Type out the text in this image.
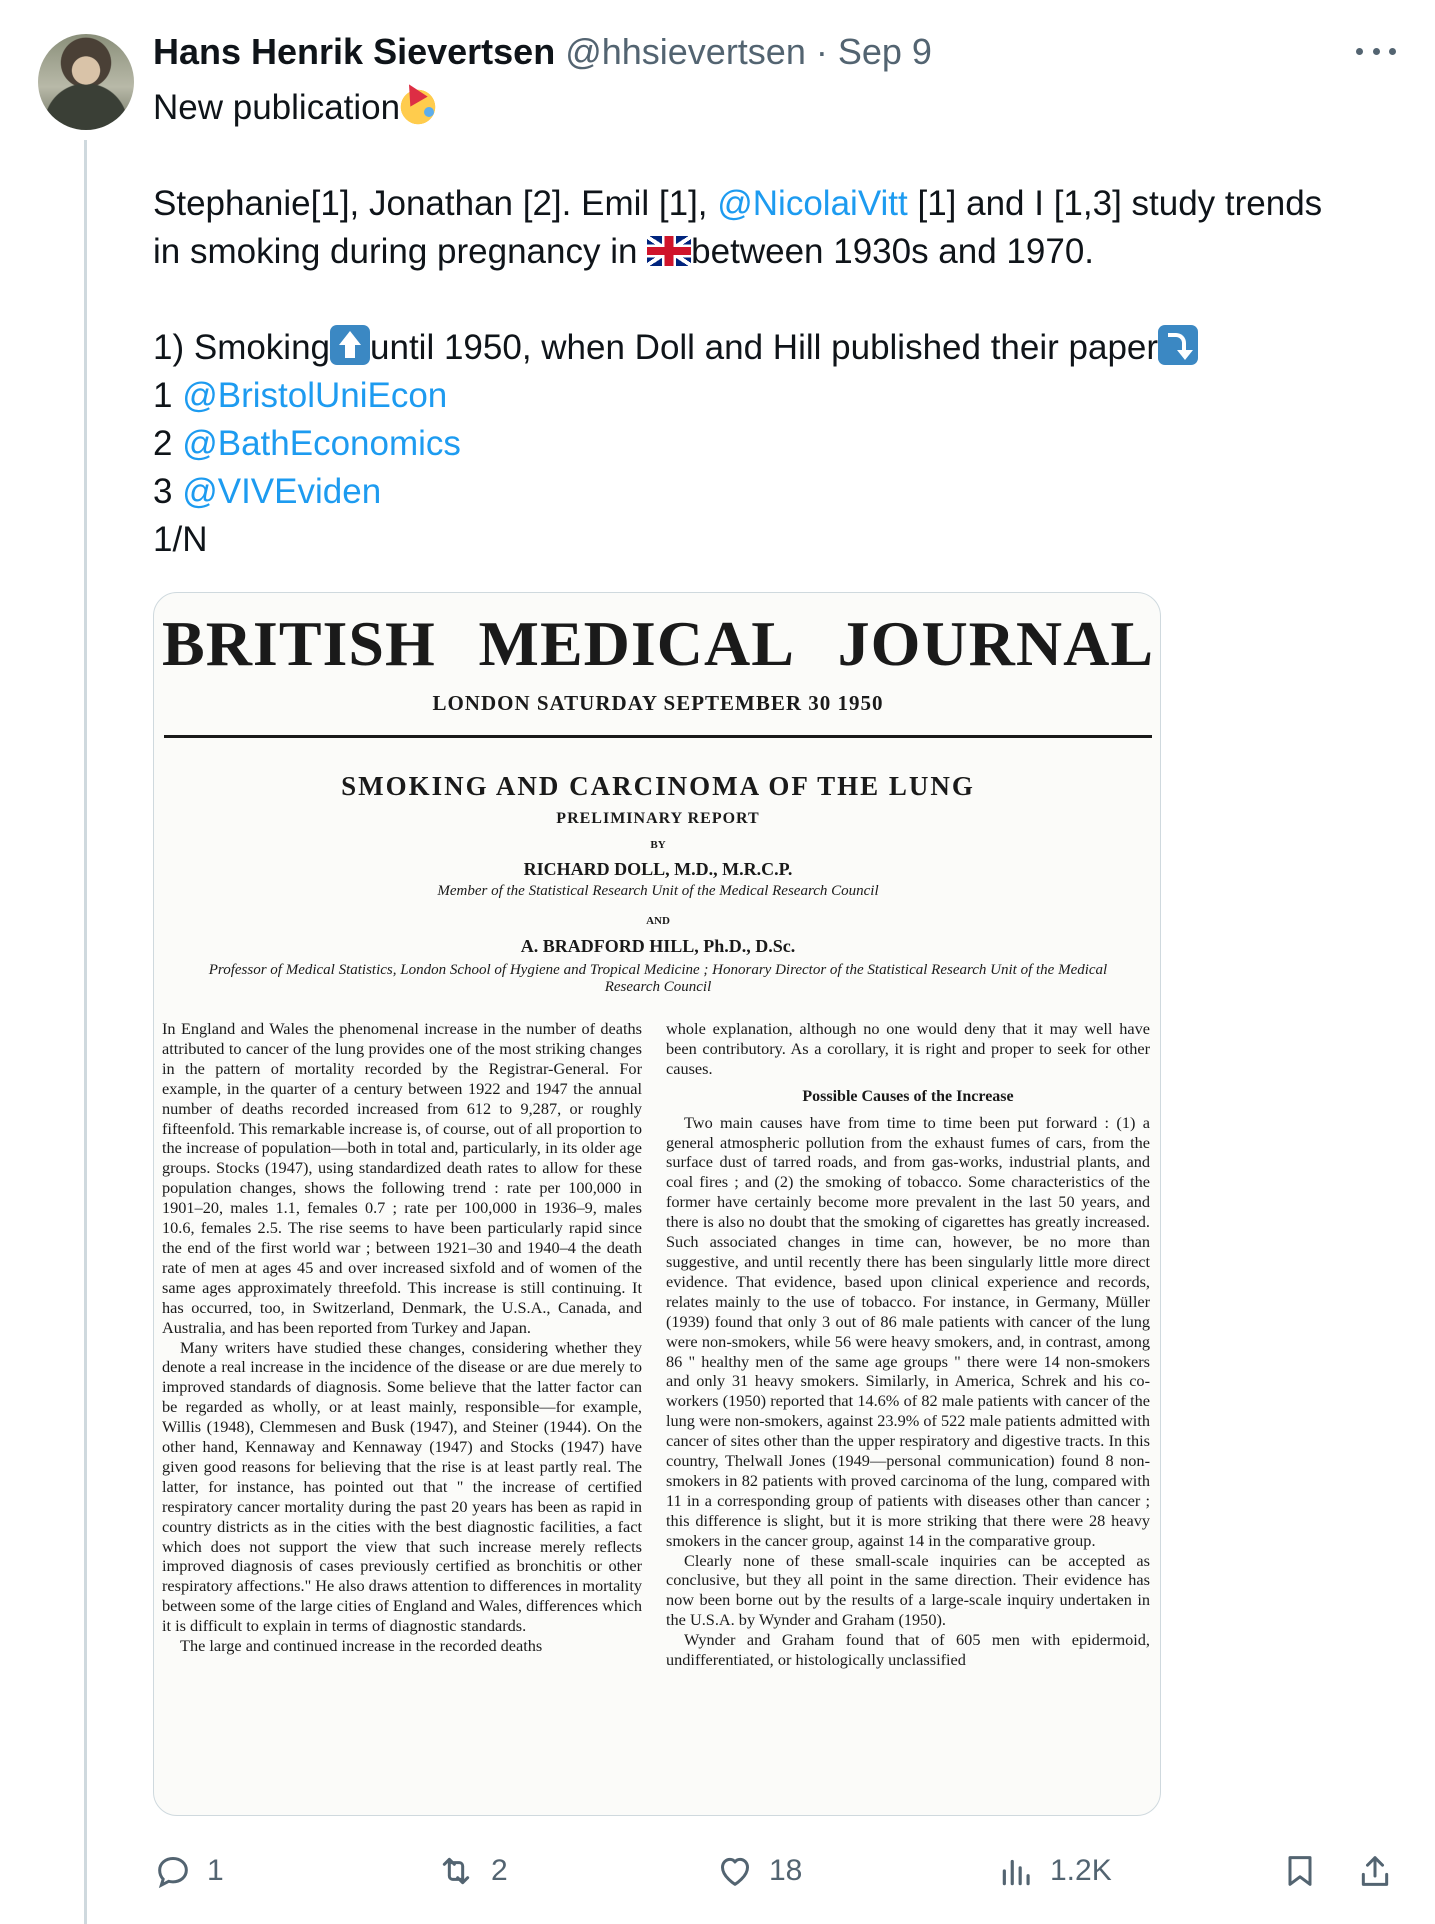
Hans Henrik Sievertsen @hhsievertsen · Sep 9
New publication
Stephanie[1], Jonathan [2]. Emil [1], @NicolaiVitt [1] and I [1,3] study trends
in smoking during pregnancy in between 1930s and 1970.
1) Smoking until 1950, when Doll and Hill published their paper
1 @BristolUniEcon
2 @BathEconomics
3 @VIVEviden
1/N
BRITISH MEDICAL JOURNAL
LONDON SATURDAY SEPTEMBER 30 1950
SMOKING AND CARCINOMA OF THE LUNG
PRELIMINARY REPORT
BY
RICHARD DOLL, M.D., M.R.C.P.
Member of the Statistical Research Unit of the Medical Research Council
AND
A. BRADFORD HILL, Ph.D., D.Sc.
Professor of Medical Statistics, London School of Hygiene and Tropical Medicine ; Honorary Director of the Statistical Research Unit of the Medical Research Council

In England and Wales the phenomenal increase in the number of deaths attributed to cancer of the lung provides one of the most striking changes in the pattern of mortality recorded by the Registrar-General. For example, in the quarter of a century between 1922 and 1947 the annual number of deaths recorded increased from 612 to 9,287, or roughly fifteenfold. This remarkable increase is, of course, out of all proportion to the increase of population—both in total and, particularly, in its older age groups. Stocks (1947), using standardized death rates to allow for these population changes, shows the following trend : rate per 100,000 in 1901–20, males 1.1, females 0.7 ; rate per 100,000 in 1936–9, males 10.6, females 2.5. The rise seems to have been particularly rapid since the end of the first world war ; between 1921–30 and 1940–4 the death rate of men at ages 45 and over increased sixfold and of women of the same ages approximately threefold. This increase is still continuing. It has occurred, too, in Switzerland, Denmark, the U.S.A., Canada, and Australia, and has been reported from Turkey and Japan.

Many writers have studied these changes, considering whether they denote a real increase in the incidence of the disease or are due merely to improved standards of diagnosis. Some believe that the latter factor can be regarded as wholly, or at least mainly, responsible—for example, Willis (1948), Clemmesen and Busk (1947), and Steiner (1944). On the other hand, Kennaway and Kennaway (1947) and Stocks (1947) have given good reasons for believing that the rise is at least partly real. The latter, for instance, has pointed out that " the increase of certified respiratory cancer mortality during the past 20 years has been as rapid in country districts as in the cities with the best diagnostic facilities, a fact which does not support the view that such increase merely reflects improved diagnosis of cases previously certified as bronchitis or other respiratory affections." He also draws attention to differences in mortality between some of the large cities of England and Wales, differences which it is difficult to explain in terms of diagnostic standards.

The large and continued increase in the recorded deaths

whole explanation, although no one would deny that it may well have been contributory. As a corollary, it is right and proper to seek for other causes.

Possible Causes of the Increase

Two main causes have from time to time been put forward : (1) a general atmospheric pollution from the exhaust fumes of cars, from the surface dust of tarred roads, and from gas-works, industrial plants, and coal fires ; and (2) the smoking of tobacco. Some characteristics of the former have certainly become more prevalent in the last 50 years, and there is also no doubt that the smoking of cigarettes has greatly increased. Such associated changes in time can, however, be no more than suggestive, and until recently there has been singularly little more direct evidence. That evidence, based upon clinical experience and records, relates mainly to the use of tobacco. For instance, in Germany, Müller (1939) found that only 3 out of 86 male patients with cancer of the lung were non-smokers, while 56 were heavy smokers, and, in contrast, among 86 " healthy men of the same age groups " there were 14 non-smokers and only 31 heavy smokers. Similarly, in America, Schrek and his co-workers (1950) reported that 14.6% of 82 male patients with cancer of the lung were non-smokers, against 23.9% of 522 male patients admitted with cancer of sites other than the upper respiratory and digestive tracts. In this country, Thelwall Jones (1949—personal communication) found 8 non-smokers in 82 patients with proved carcinoma of the lung, compared with 11 in a corresponding group of patients with diseases other than cancer ; this difference is slight, but it is more striking that there were 28 heavy smokers in the cancer group, against 14 in the comparative group.

Clearly none of these small-scale inquiries can be accepted as conclusive, but they all point in the same direction. Their evidence has now been borne out by the results of a large-scale inquiry undertaken in the U.S.A. by Wynder and Graham (1950).

Wynder and Graham found that of 605 men with epidermoid, undifferentiated, or histologically unclassified

1	2	18	1.2K
